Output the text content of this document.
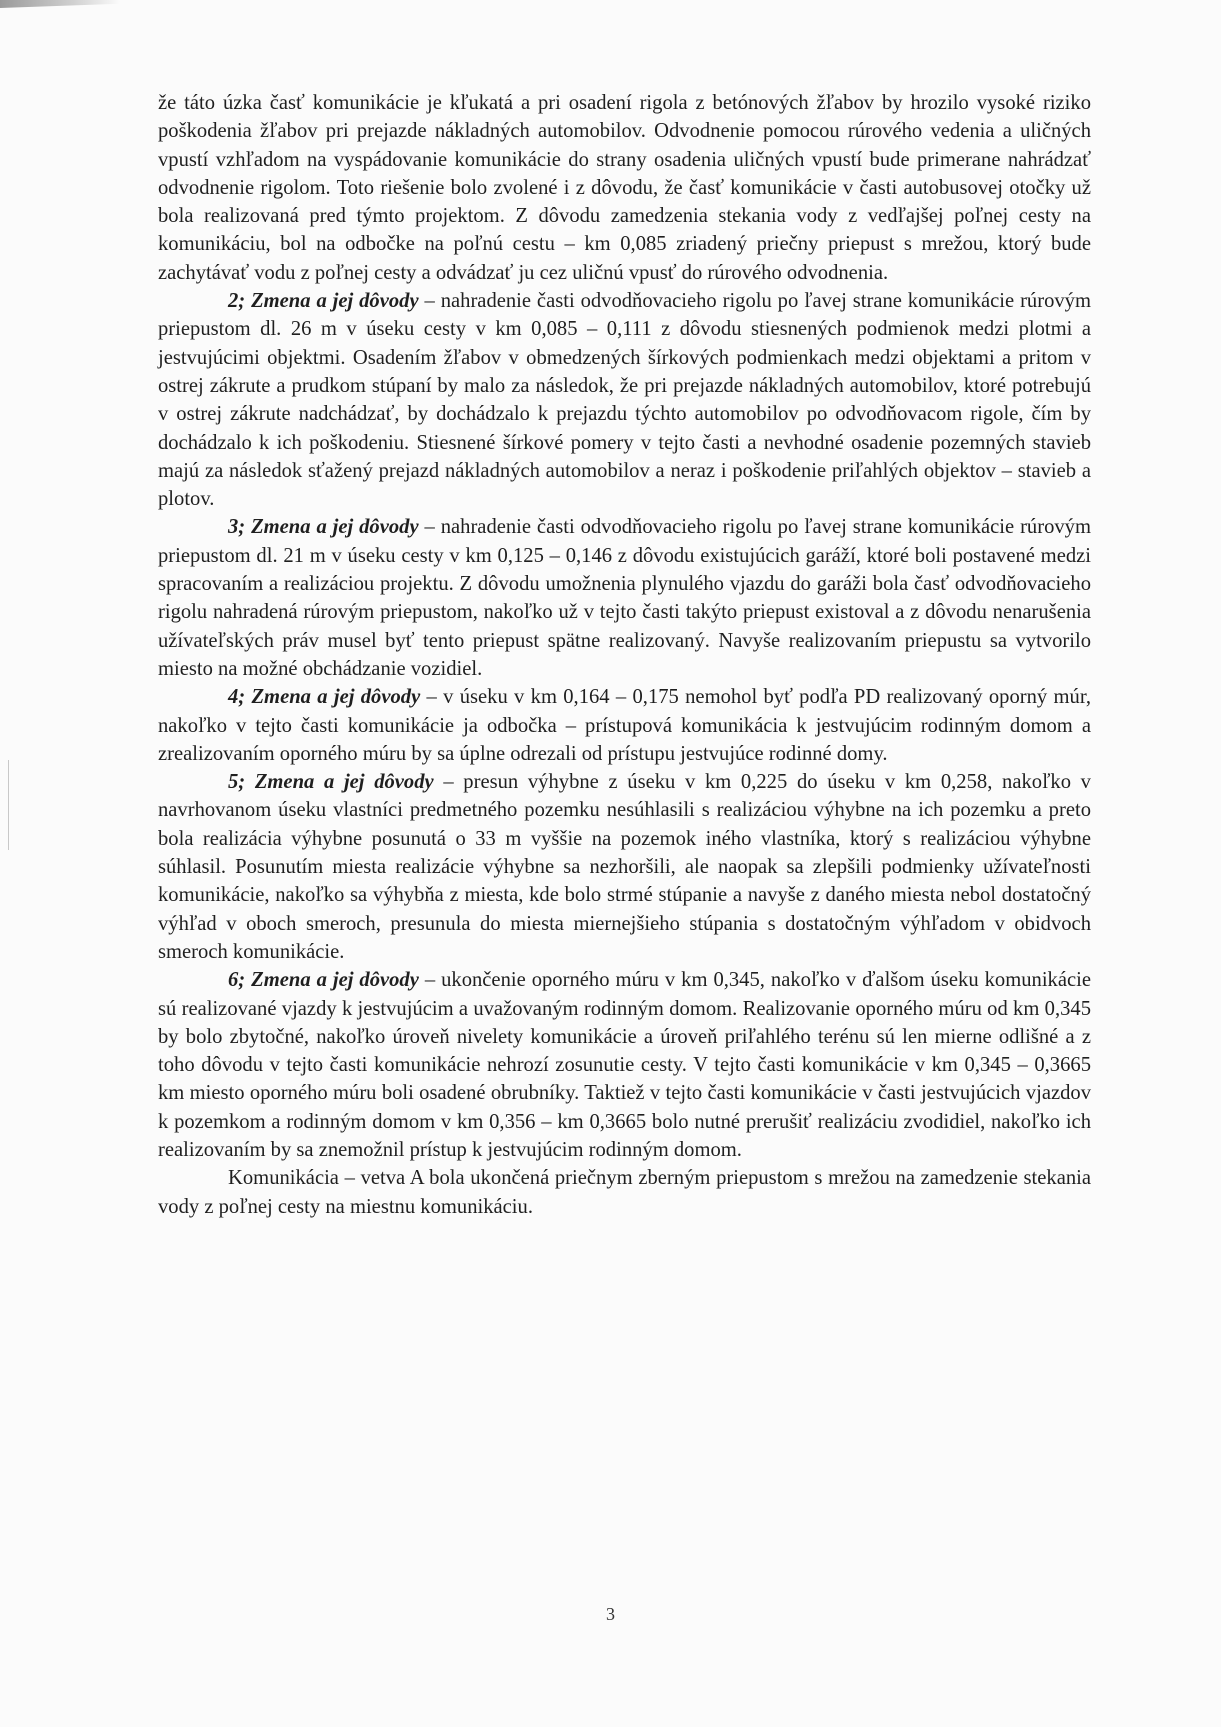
že táto úzka časť komunikácie je kľukatá a pri osadení rigola z betónových žľabov by hrozilo vysoké riziko poškodenia žľabov pri prejazde nákladných automobilov. Odvodnenie pomocou rúrového vedenia a uličných vpustí vzhľadom na vyspádovanie komunikácie do strany osadenia uličných vpustí bude primerane nahrádzať odvodnenie rigolom. Toto riešenie bolo zvolené i z dôvodu, že časť komunikácie v časti autobusovej otočky už bola realizovaná pred týmto projektom. Z dôvodu zamedzenia stekania vody z vedľajšej poľnej cesty na komunikáciu, bol na odbočke na poľnú cestu – km 0,085 zriadený priečny priepust s mrežou, ktorý bude zachytávať vodu z poľnej cesty a odvádzať ju cez uličnú vpusť do rúrového odvodnenia.

2; Zmena a jej dôvody – nahradenie časti odvodňovacieho rigolu po ľavej strane komunikácie rúrovým priepustom dl. 26 m v úseku cesty v km 0,085 – 0,111 z dôvodu stiesnených podmienok medzi plotmi a jestvujúcimi objektmi. Osadením žľabov v obmedzených šírkových podmienkach medzi objektami a pritom v ostrej zákrute a prudkom stúpaní by malo za následok, že pri prejazde nákladných automobilov, ktoré potrebujú v ostrej zákrute nadchádzať, by dochádzalo k prejazdu týchto automobilov po odvodňovacom rigole, čím by dochádzalo k ich poškodeniu. Stiesnené šírkové pomery v tejto časti a nevhodné osadenie pozemných stavieb majú za následok sťažený prejazd nákladných automobilov a neraz i poškodenie priľahlých objektov – stavieb a plotov.

3; Zmena a jej dôvody – nahradenie časti odvodňovacieho rigolu po ľavej strane komunikácie rúrovým priepustom dl. 21 m v úseku cesty v km 0,125 – 0,146 z dôvodu existujúcich garáží, ktoré boli postavené medzi spracovaním a realizáciou projektu. Z dôvodu umožnenia plynulého vjazdu do garáži bola časť odvodňovacieho rigolu nahradená rúrovým priepustom, nakoľko už v tejto časti takýto priepust existoval a z dôvodu nenarušenia užívateľských práv musel byť tento priepust spätne realizovaný. Navyše realizovaním priepustu sa vytvorilo miesto na možné obchádzanie vozidiel.

4; Zmena a jej dôvody – v úseku v km 0,164 – 0,175 nemohol byť podľa PD realizovaný oporný múr, nakoľko v tejto časti komunikácie ja odbočka – prístupová komunikácia k jestvujúcim rodinným domom a zrealizovaním oporného múru by sa úplne odrezali od prístupu jestvujúce rodinné domy.

5; Zmena a jej dôvody – presun výhybne z úseku v km 0,225 do úseku v km 0,258, nakoľko v navrhovanom úseku vlastníci predmetného pozemku nesúhlasili s realizáciou výhybne na ich pozemku a preto bola realizácia výhybne posunutá o 33 m vyššie na pozemok iného vlastníka, ktorý s realizáciou výhybne súhlasil. Posunutím miesta realizácie výhybne sa nezhoršili, ale naopak sa zlepšili podmienky užívateľnosti komunikácie, nakoľko sa výhybňa z miesta, kde bolo strmé stúpanie a navyše z daného miesta nebol dostatočný výhľad v oboch smeroch, presunula do miesta miernejšieho stúpania s dostatočným výhľadom v obidvoch smeroch komunikácie.

6; Zmena a jej dôvody – ukončenie oporného múru v km 0,345, nakoľko v ďalšom úseku komunikácie sú realizované vjazdy k jestvujúcim a uvažovaným rodinným domom. Realizovanie oporného múru od km 0,345 by bolo zbytočné, nakoľko úroveň nivelety komunikácie a úroveň priľahlého terénu sú len mierne odlišné a z toho dôvodu v tejto časti komunikácie nehrozí zosunutie cesty. V tejto časti komunikácie v km 0,345 – 0,3665 km miesto oporného múru boli osadené obrubníky. Taktiež v tejto časti komunikácie v časti jestvujúcich vjazdov k pozemkom a rodinným domom v km 0,356 – km 0,3665 bolo nutné prerušiť realizáciu zvodidiel, nakoľko ich realizovaním by sa znemožnil prístup k jestvujúcim rodinným domom.

Komunikácia – vetva A bola ukončená priečnym zberným priepustom s mrežou na zamedzenie stekania vody z poľnej cesty na miestnu komunikáciu.

3
